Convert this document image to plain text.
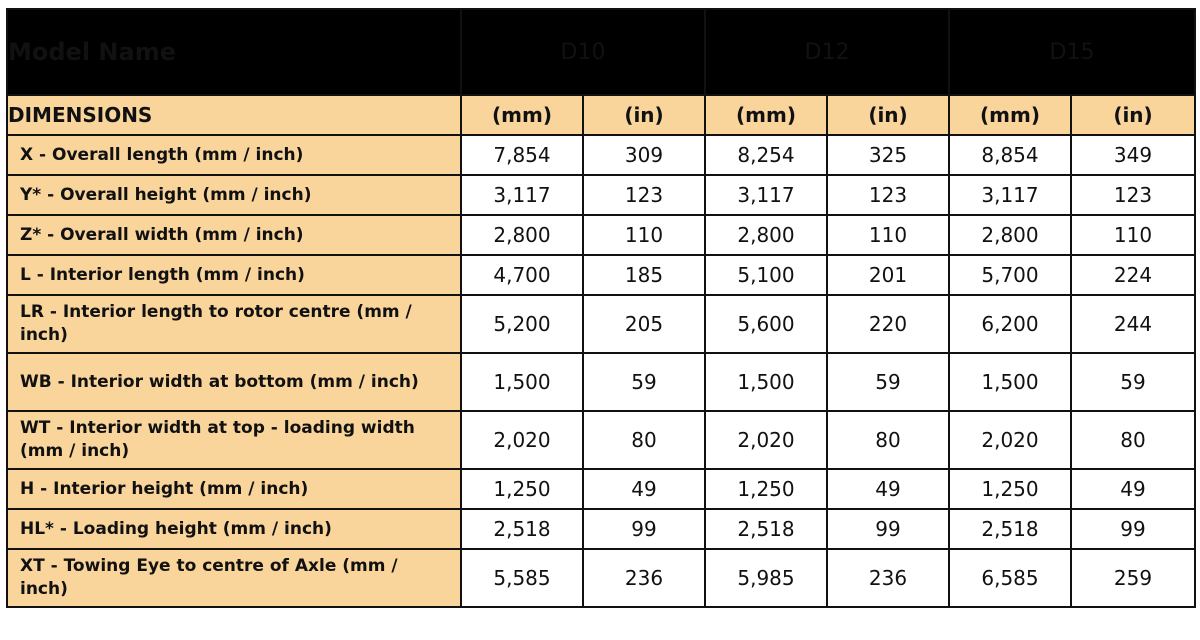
Model Name	D10		D12		D15	
DIMENSIONS	(mm)	(in)	(mm)	(in)	(mm)	(in)
X - Overall length (mm / inch)	7,854	309	8,254	325	8,854	349
Y* - Overall height (mm / inch)	3,117	123	3,117	123	3,117	123
Z* - Overall width (mm / inch)	2,800	110	2,800	110	2,800	110
L - Interior length (mm / inch)	4,700	185	5,100	201	5,700	224
LR - Interior length to rotor centre (mm / inch)	5,200	205	5,600	220	6,200	244
WB - Interior width at bottom (mm / inch)	1,500	59	1,500	59	1,500	59
WT - Interior width at top - loading width (mm / inch)	2,020	80	2,020	80	2,020	80
H - Interior height (mm / inch)	1,250	49	1,250	49	1,250	49
HL* - Loading height (mm / inch)	2,518	99	2,518	99	2,518	99
XT - Towing Eye to centre of Axle (mm / inch)	5,585	236	5,985	236	6,585	259
